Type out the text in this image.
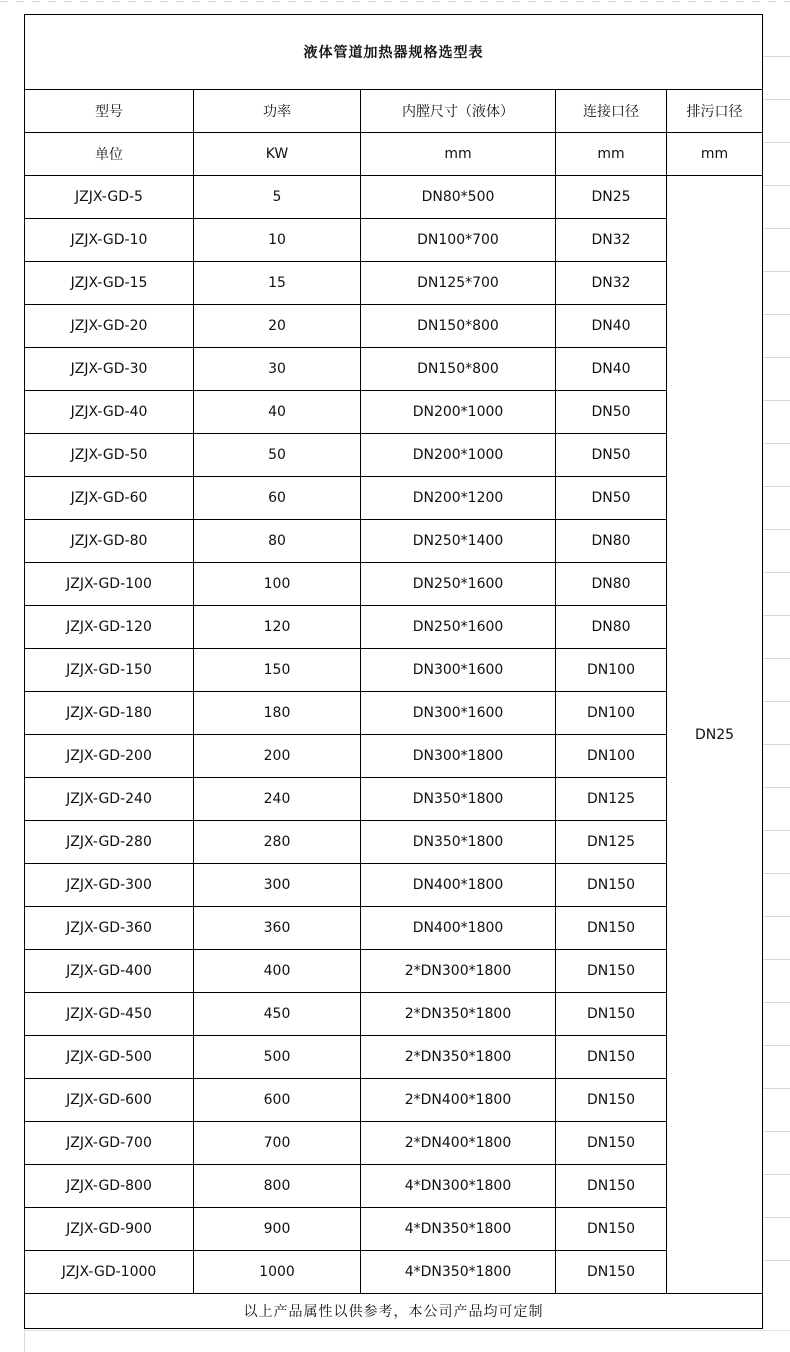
液体管道加热器规格选型表				
型号	功率	内膛尺寸（液体）	连接口径	排污口径
单位	KW	mm	mm	mm
JZJX-GD-5	5	DN80*500	DN25	DN25
JZJX-GD-10	10	DN100*700	DN32	
JZJX-GD-15	15	DN125*700	DN32	
JZJX-GD-20	20	DN150*800	DN40	
JZJX-GD-30	30	DN150*800	DN40	
JZJX-GD-40	40	DN200*1000	DN50	
JZJX-GD-50	50	DN200*1000	DN50	
JZJX-GD-60	60	DN200*1200	DN50	
JZJX-GD-80	80	DN250*1400	DN80	
JZJX-GD-100	100	DN250*1600	DN80	
JZJX-GD-120	120	DN250*1600	DN80	
JZJX-GD-150	150	DN300*1600	DN100	
JZJX-GD-180	180	DN300*1600	DN100	
JZJX-GD-200	200	DN300*1800	DN100	
JZJX-GD-240	240	DN350*1800	DN125	
JZJX-GD-280	280	DN350*1800	DN125	
JZJX-GD-300	300	DN400*1800	DN150	
JZJX-GD-360	360	DN400*1800	DN150	
JZJX-GD-400	400	2*DN300*1800	DN150	
JZJX-GD-450	450	2*DN350*1800	DN150	
JZJX-GD-500	500	2*DN350*1800	DN150	
JZJX-GD-600	600	2*DN400*1800	DN150	
JZJX-GD-700	700	2*DN400*1800	DN150	
JZJX-GD-800	800	4*DN300*1800	DN150	
JZJX-GD-900	900	4*DN350*1800	DN150	
JZJX-GD-1000	1000	4*DN350*1800	DN150	
以上产品属性以供参考，本公司产品均可定制				
